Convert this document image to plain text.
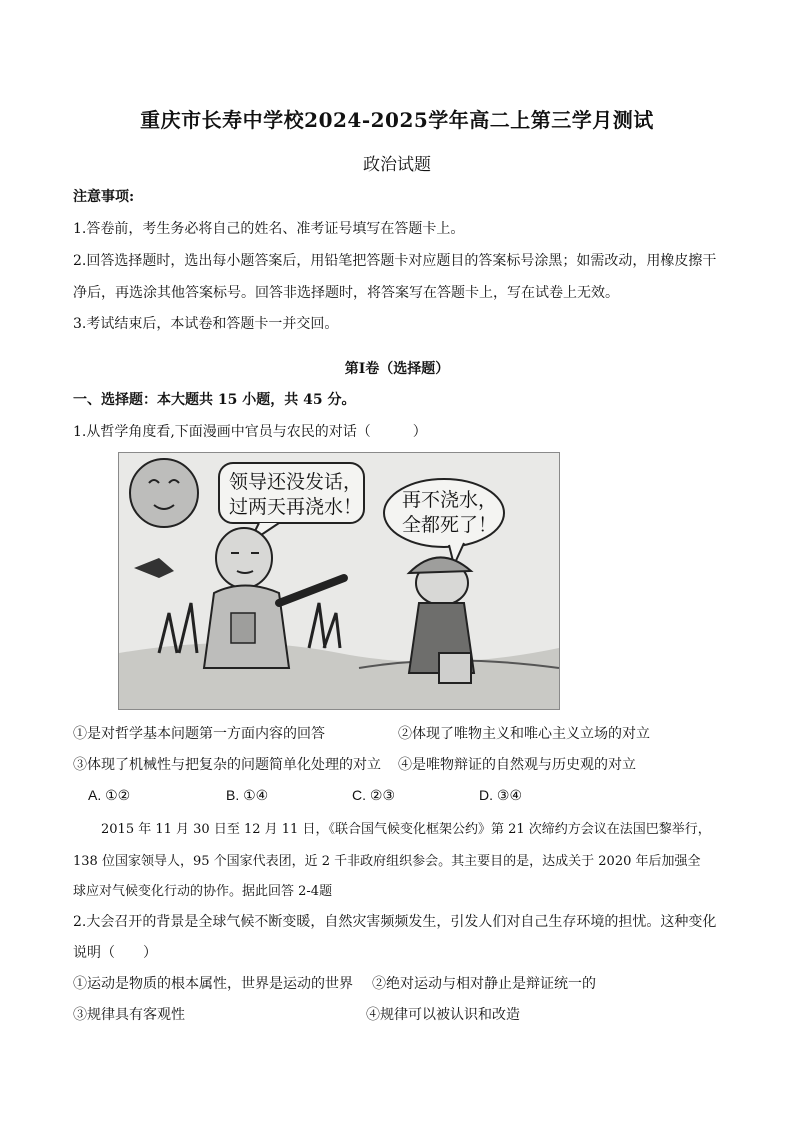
重庆市长寿中学校2024-2025学年高二上第三学月测试
政治试题
注意事项:
1.答卷前，考生务必将自己的姓名、准考证号填写在答题卡上。
2.回答选择题时，选出每小题答案后，用铅笔把答题卡对应题目的答案标号涂黑；如需改动，用橡皮擦干
净后，再选涂其他答案标号。回答非选择题时，将答案写在答题卡上，写在试卷上无效。
3.考试结束后，本试卷和答题卡一并交回。
第Ⅰ卷（选择题）
一、选择题：本大题共 15 小题，共 45 分。
1.从哲学角度看,下面漫画中官员与农民的对话（　　　）
领导还没发话，
过两天再浇水！ 再不浇水，
全都死了！
①是对哲学基本问题第一方面内容的回答	②体现了唯物主义和唯心主义立场的对立
③体现了机械性与把复杂的问题简单化处理的对立 ④是唯物辩证的自然观与历史观的对立
A. ①②	B. ①④	C. ②③	D. ③④
2015 年 11 月 30 日至 12 月 11 日，《联合国气候变化框架公约》第 21 次缔约方会议在法国巴黎举行，
138 位国家领导人，95 个国家代表团，近 2 千非政府组织参会。其主要目的是，达成关于 2020 年后加强全
球应对气候变化行动的协作。据此回答 2-4题
2.大会召开的背景是全球气候不断变暖，自然灾害频频发生，引发人们对自己生存环境的担忧。这种变化
说明（　　）
①运动是物质的根本属性，世界是运动的世界 ②绝对运动与相对静止是辩证统一的
③规律具有客观性	④规律可以被认识和改造
